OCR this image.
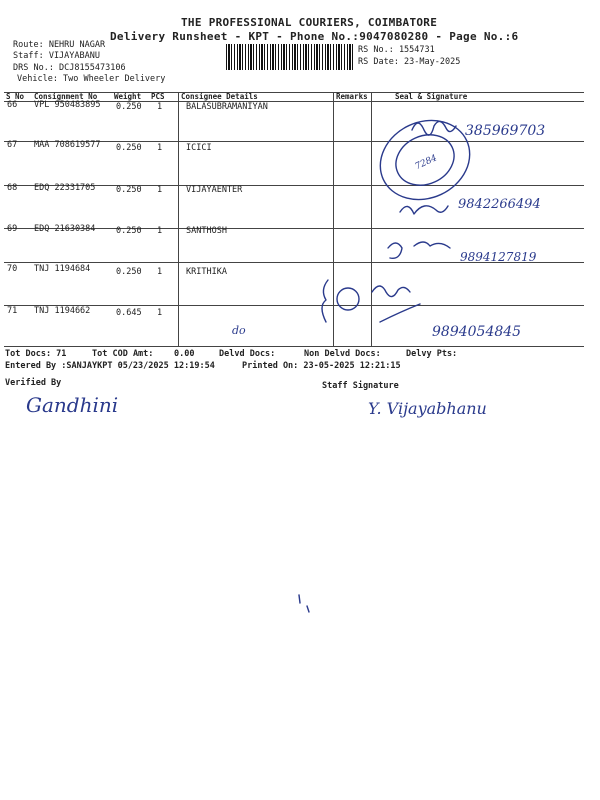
THE PROFESSIONAL COURIERS, COIMBATORE
Delivery Runsheet - KPT - Phone No.:9047080280 - Page No.:6
Route: NEHRU NAGAR
Staff: VIJAYABANU
DRS No.: DCJ8155473106
Vehicle: Two Wheeler Delivery
RS No.: 1554731
RS Date: 23-May-2025
S No Consignment No Weight PCS Consignee Details	Remarks	Seal & Signature
66 VPL 950483895 0.250 1	BALASUBRAMANIYAN
67 MAA 708619577 0.250 1	ICICI
68 EDQ 22331705 0.250 1	VIJAYAENTER
69 EDQ 21630384 0.250 1	SANTHOSH
70 TNJ 1194684	0.250 1	KRITHIKA
71 TNJ 1194662	0.645 1
7284
385969703
9842266494
9894127819
9894054845
do
Gandhini	Y. Vijayabhanu
Tot Docs: 71	Tot COD Amt: 0.00	Delvd Docs:	Non Delvd Docs:	Delvy Pts:
Entered By :SANJAYKPT 05/23/2025 12:19:54	Printed On: 23-05-2025 12:21:15
Verified By	Staff Signature
